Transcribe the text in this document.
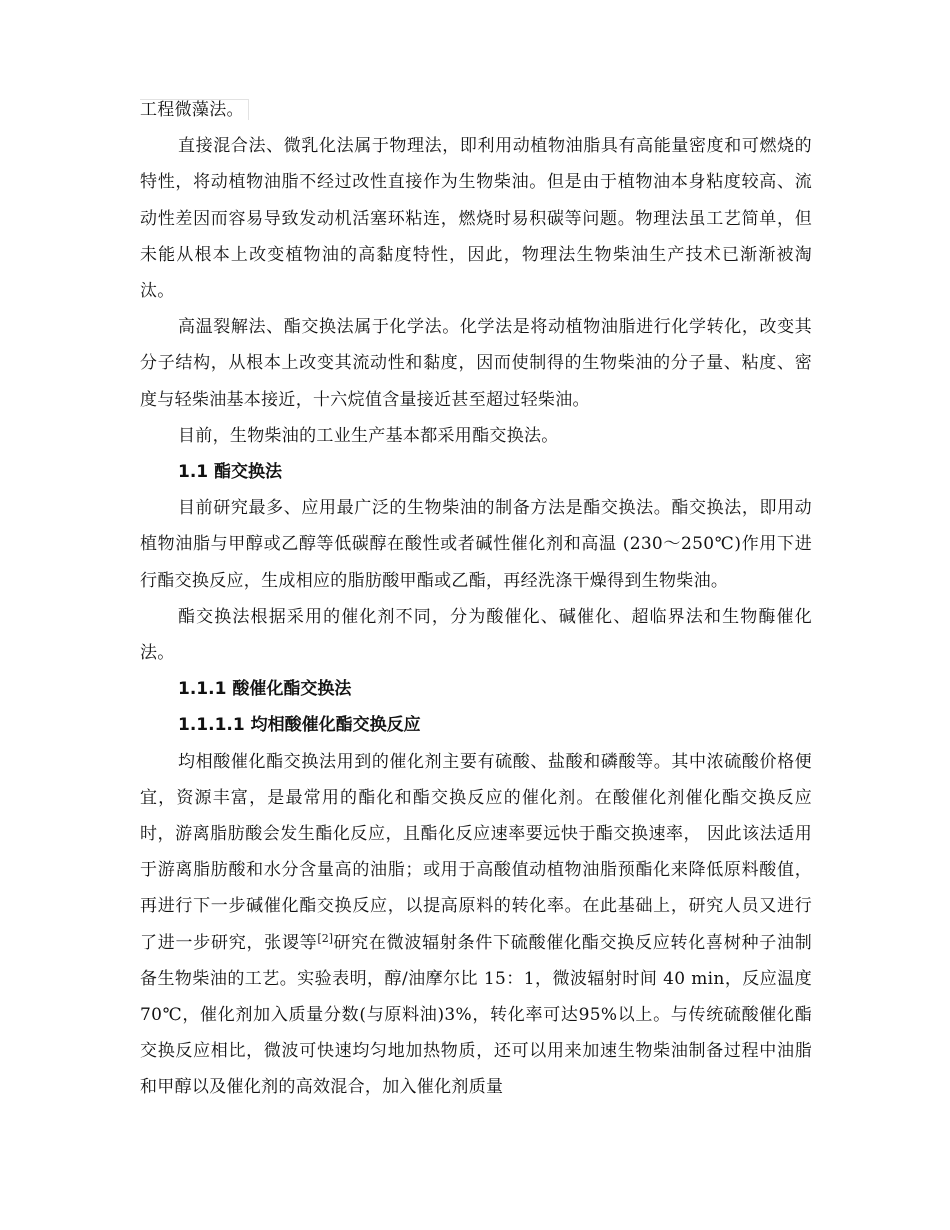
工程微藻法。

直接混合法、微乳化法属于物理法，即利用动植物油脂具有高能量密度和可燃烧的特性，将动植物油脂不经过改性直接作为生物柴油。但是由于植物油本身粘度较高、流动性差因而容易导致发动机活塞环粘连，燃烧时易积碳等问题。物理法虽工艺简单，但未能从根本上改变植物油的高黏度特性，因此，物理法生物柴油生产技术已渐渐被淘汰。

高温裂解法、酯交换法属于化学法。化学法是将动植物油脂进行化学转化，改变其分子结构，从根本上改变其流动性和黏度，因而使制得的生物柴油的分子量、粘度、密度与轻柴油基本接近，十六烷值含量接近甚至超过轻柴油。

目前，生物柴油的工业生产基本都采用酯交换法。

1.1 酯交换法

目前研究最多、应用最广泛的生物柴油的制备方法是酯交换法。酯交换法，即用动植物油脂与甲醇或乙醇等低碳醇在酸性或者碱性催化剂和高温 (230～250℃)作用下进行酯交换反应，生成相应的脂肪酸甲酯或乙酯，再经洗涤干燥得到生物柴油。

酯交换法根据采用的催化剂不同，分为酸催化、碱催化、超临界法和生物酶催化法。

1.1.1 酸催化酯交换法
1.1.1.1 均相酸催化酯交换反应

均相酸催化酯交换法用到的催化剂主要有硫酸、盐酸和磷酸等。其中浓硫酸价格便宜，资源丰富，是最常用的酯化和酯交换反应的催化剂。在酸催化剂催化酯交换反应时，游离脂肪酸会发生酯化反应，且酯化反应速率要远快于酯交换速率， 因此该法适用于游离脂肪酸和水分含量高的油脂；或用于高酸值动植物油脂预酯化来降低原料酸值，再进行下一步碱催化酯交换反应，以提高原料的转化率。在此基础上，研究人员又进行了进一步研究，张谡等[2]研究在微波辐射条件下硫酸催化酯交换反应转化喜树种子油制备生物柴油的工艺。实验表明，醇/油摩尔比 15：1，微波辐射时间 40 min，反应温度 70℃，催化剂加入质量分数(与原料油)3%，转化率可达95%以上。与传统硫酸催化酯交换反应相比，微波可快速均匀地加热物质，还可以用来加速生物柴油制备过程中油脂和甲醇以及催化剂的高效混合，加入催化剂质量
